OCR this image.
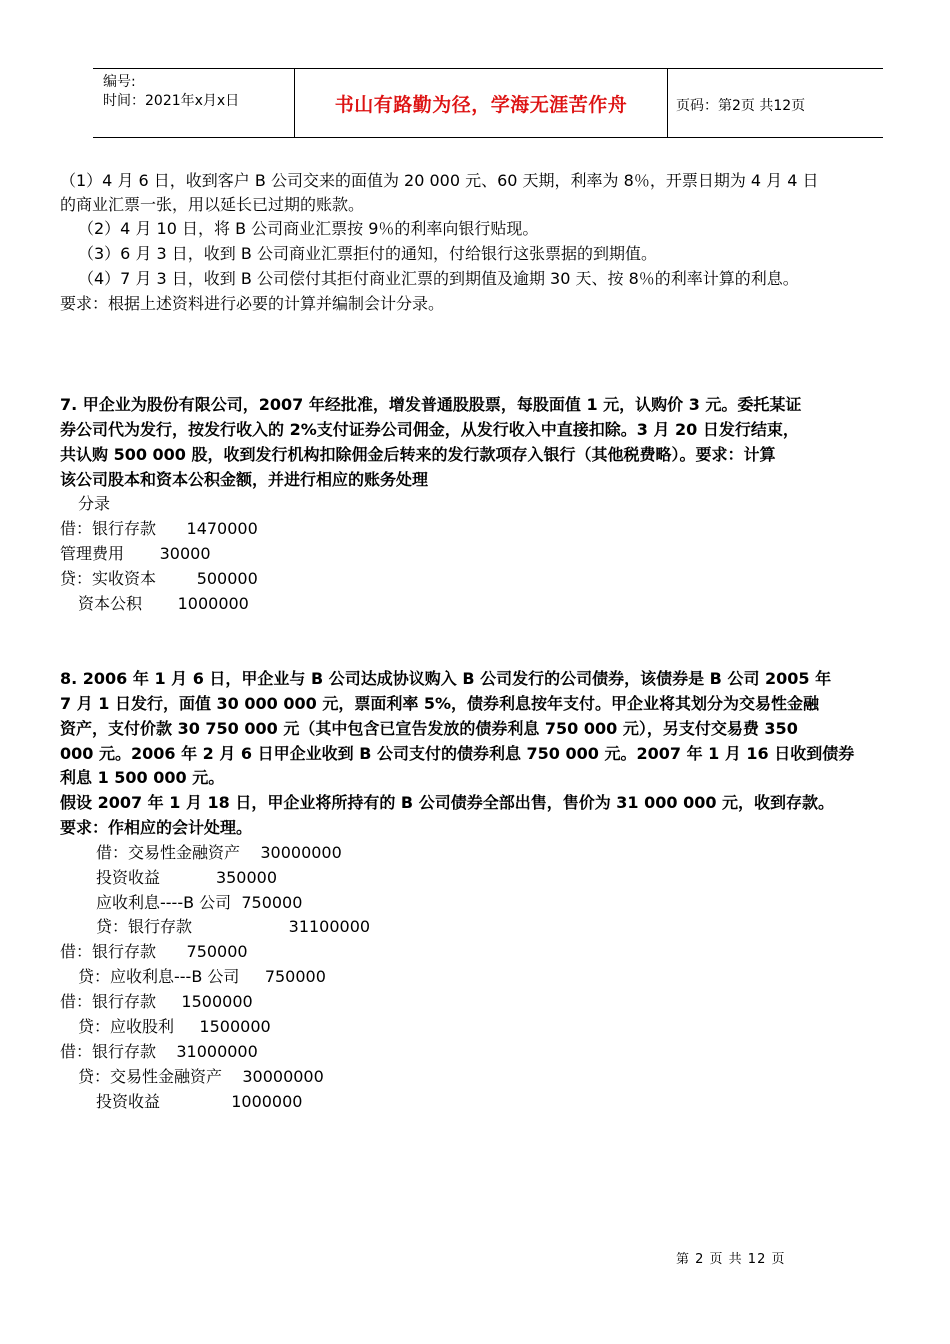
编号:
时间：2021年x月x日	书山有路勤为径，学海无涯苦作舟	页码：第2页 共12页
（1）4 月 6 日，收到客户 B 公司交来的面值为 20 000 元、60 天期，利率为 8％，开票日期为 4 月 4 日
的商业汇票一张，用以延长已过期的账款。
（2）4 月 10 日，将 B 公司商业汇票按 9％的利率向银行贴现。
（3）6 月 3 日，收到 B 公司商业汇票拒付的通知，付给银行这张票据的到期值。
（4）7 月 3 日，收到 B 公司偿付其拒付商业汇票的到期值及逾期 30 天、按 8％的利率计算的利息。
要求：根据上述资料进行必要的计算并编制会计分录。
7. 甲企业为股份有限公司，2007 年经批准，增发普通股股票，每股面值 1 元，认购价 3 元。委托某证
券公司代为发行，按发行收入的 2%支付证券公司佣金，从发行收入中直接扣除。3 月 20 日发行结束，
共认购 500 000 股，收到发行机构扣除佣金后转来的发行款项存入银行（其他税费略）。要求：计算
该公司股本和资本公积金额，并进行相应的账务处理
分录
借：银行存款      1470000
管理费用       30000
贷：实收资本        500000
资本公积       1000000
8. 2006 年 1 月 6 日，甲企业与 B 公司达成协议购入 B 公司发行的公司债券，该债券是 B 公司 2005 年
7 月 1 日发行，面值 30 000 000 元，票面利率 5%，债券利息按年支付。甲企业将其划分为交易性金融
资产，支付价款 30 750 000 元（其中包含已宣告发放的债券利息 750 000 元），另支付交易费 350
000 元。2006 年 2 月 6 日甲企业收到 B 公司支付的债券利息 750 000 元。2007 年 1 月 16 日收到债券
利息 1 500 000 元。
假设 2007 年 1 月 18 日，甲企业将所持有的 B 公司债券全部出售，售价为 31 000 000 元，收到存款。
要求：作相应的会计处理。
借：交易性金融资产    30000000
投资收益           350000
应收利息----B 公司  750000
贷：银行存款                   31100000
借：银行存款      750000
贷：应收利息---B 公司     750000
借：银行存款     1500000
贷：应收股利     1500000
借：银行存款    31000000
贷：交易性金融资产    30000000
投资收益              1000000
第 2 页 共 12 页
